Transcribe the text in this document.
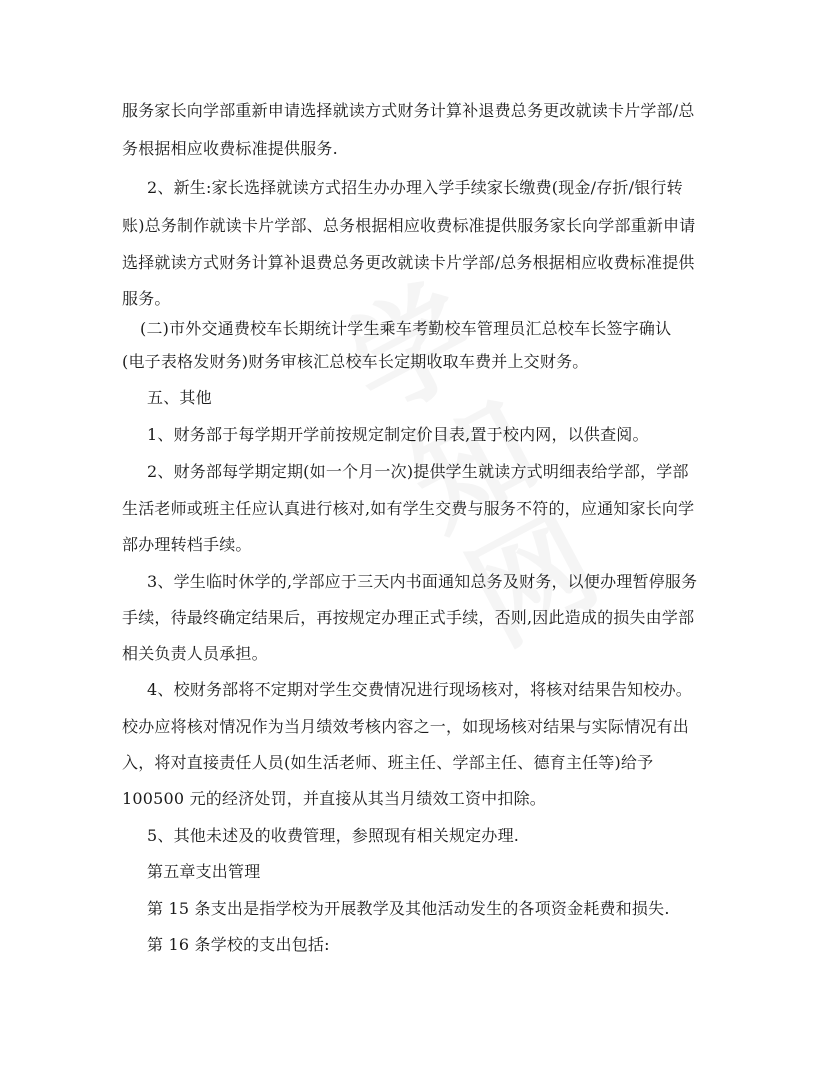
服务家长向学部重新申请选择就读方式财务计算补退费总务更改就读卡片学部/总
务根据相应收费标准提供服务.
2、新生:家长选择就读方式招生办办理入学手续家长缴费(现金/存折/银行转
账)总务制作就读卡片学部、总务根据相应收费标准提供服务家长向学部重新申请
选择就读方式财务计算补退费总务更改就读卡片学部/总务根据相应收费标准提供
服务。
(二)市外交通费校车长期统计学生乘车考勤校车管理员汇总校车长签字确认
(电子表格发财务)财务审核汇总校车长定期收取车费并上交财务。
五、其他
1、财务部于每学期开学前按规定制定价目表,置于校内网，以供查阅。
2、财务部每学期定期(如一个月一次)提供学生就读方式明细表给学部，学部
生活老师或班主任应认真进行核对,如有学生交费与服务不符的，应通知家长向学
部办理转档手续。
3、学生临时休学的,学部应于三天内书面通知总务及财务，以便办理暂停服务
手续，待最终确定结果后，再按规定办理正式手续，否则,因此造成的损失由学部
相关负责人员承担。
4、校财务部将不定期对学生交费情况进行现场核对，将核对结果告知校办。
校办应将核对情况作为当月绩效考核内容之一，如现场核对结果与实际情况有出
入，将对直接责任人员(如生活老师、班主任、学部主任、德育主任等)给予
100500 元的经济处罚，并直接从其当月绩效工资中扣除。
5、其他未述及的收费管理，参照现有相关规定办理.
第五章支出管理
第 15 条支出是指学校为开展教学及其他活动发生的各项资金耗费和损失.
第 16 条学校的支出包括:
